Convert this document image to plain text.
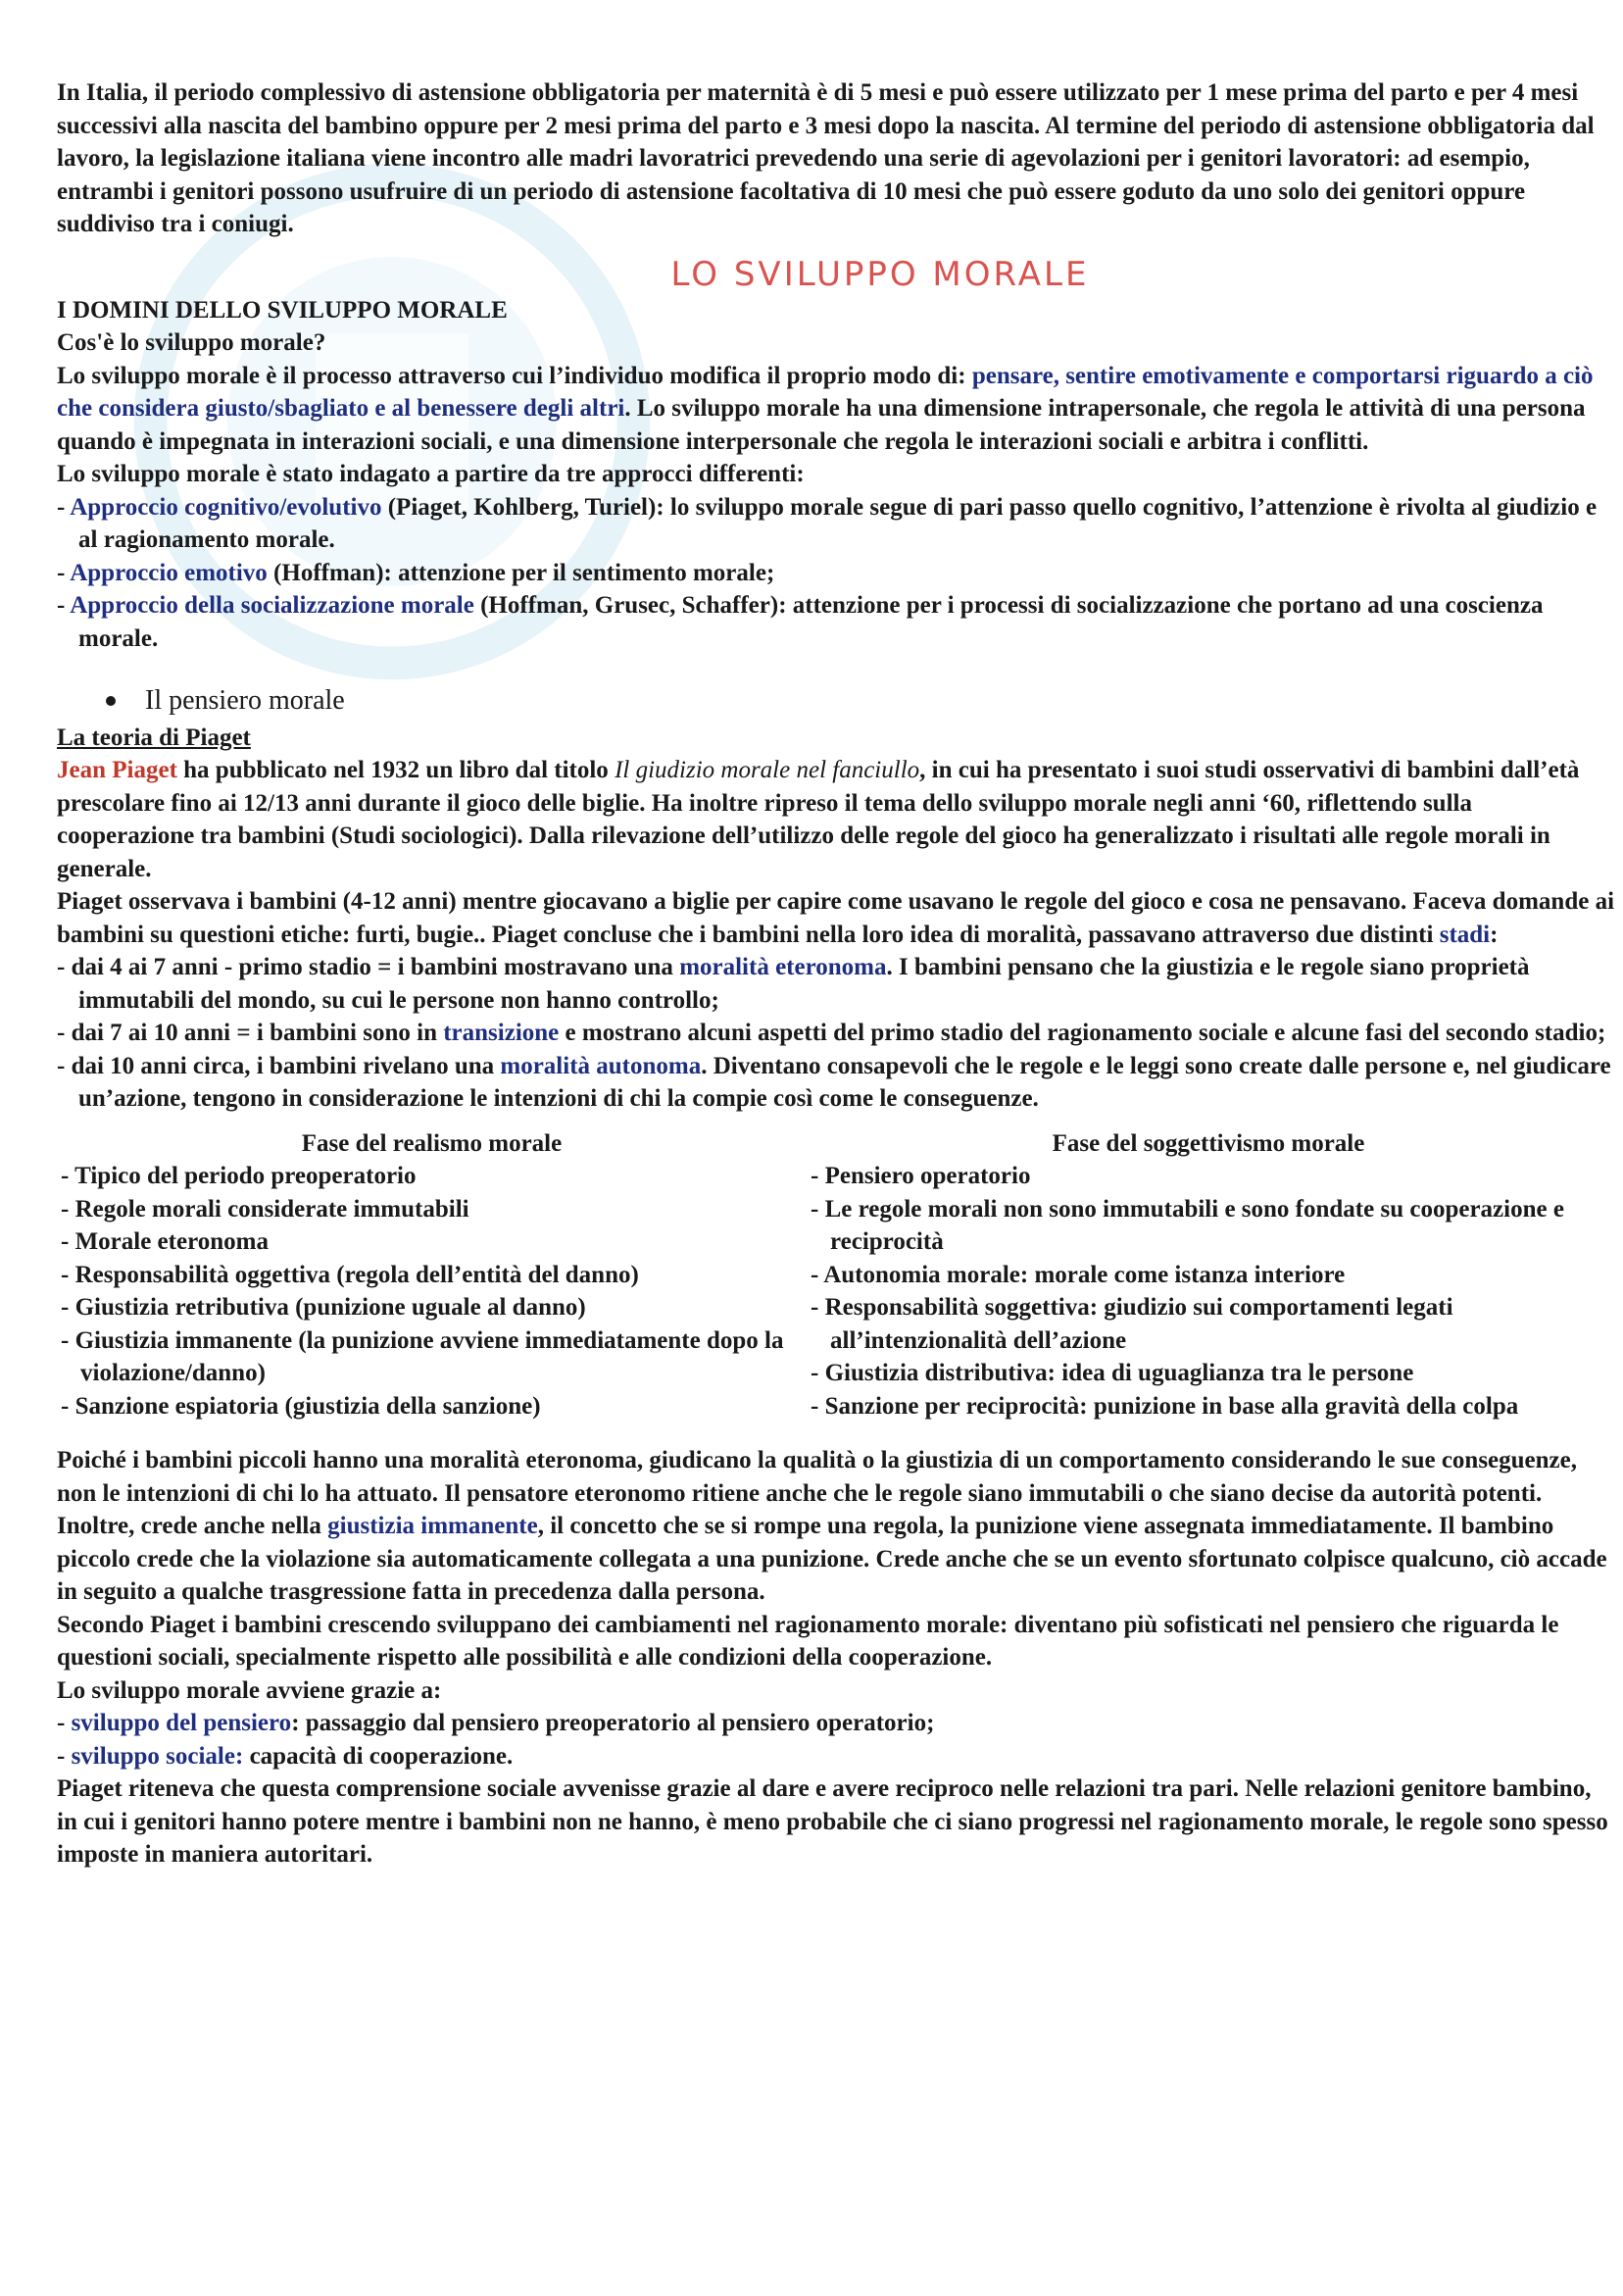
In Italia, il periodo complessivo di astensione obbligatoria per maternità è di 5 mesi e può essere utilizzato per 1 mese prima del parto e per 4 mesi successivi alla nascita del bambino oppure per 2 mesi prima del parto e 3 mesi dopo la nascita. Al termine del periodo di astensione obbligatoria dal lavoro, la legislazione italiana viene incontro alle madri lavoratrici prevedendo una serie di agevolazioni per i genitori lavoratori: ad esempio, entrambi i genitori possono usufruire di un periodo di astensione facoltativa di 10 mesi che può essere goduto da uno solo dei genitori oppure suddiviso tra i coniugi.

LO SVILUPPO MORALE

I DOMINI DELLO SVILUPPO MORALE

Cos'è lo sviluppo morale?

Lo sviluppo morale è il processo attraverso cui l’individuo modifica il proprio modo di: pensare, sentire emotivamente e comportarsi riguardo a ciò che considera giusto/sbagliato e al benessere degli altri. Lo sviluppo morale ha una dimensione intrapersonale, che regola le attività di una persona quando è impegnata in interazioni sociali, e una dimensione interpersonale che regola le interazioni sociali e arbitra i conflitti.

Lo sviluppo morale è stato indagato a partire da tre approcci differenti:

- Approccio cognitivo/evolutivo (Piaget, Kohlberg, Turiel): lo sviluppo morale segue di pari passo quello cognitivo, l’attenzione è rivolta al giudizio e al ragionamento morale.

- Approccio emotivo (Hoffman): attenzione per il sentimento morale;

- Approccio della socializzazione morale (Hoffman, Grusec, Schaffer): attenzione per i processi di socializzazione che portano ad una coscienza morale.

Il pensiero morale

La teoria di Piaget

Jean Piaget ha pubblicato nel 1932 un libro dal titolo Il giudizio morale nel fanciullo, in cui ha presentato i suoi studi osservativi di bambini dall’età prescolare fino ai 12/13 anni durante il gioco delle biglie. Ha inoltre ripreso il tema dello sviluppo morale negli anni ‘60, riflettendo sulla cooperazione tra bambini (Studi sociologici). Dalla rilevazione dell’utilizzo delle regole del gioco ha generalizzato i risultati alle regole morali in generale.

Piaget osservava i bambini (4-12 anni) mentre giocavano a biglie per capire come usavano le regole del gioco e cosa ne pensavano. Faceva domande ai bambini su questioni etiche: furti, bugie.. Piaget concluse che i bambini nella loro idea di moralità, passavano attraverso due distinti stadi:

- dai 4 ai 7 anni - primo stadio = i bambini mostravano una moralità eteronoma. I bambini pensano che la giustizia e le regole siano proprietà immutabili del mondo, su cui le persone non hanno controllo;

- dai 7 ai 10 anni = i bambini sono in transizione e mostrano alcuni aspetti del primo stadio del ragionamento sociale e alcune fasi del secondo stadio;

- dai 10 anni circa, i bambini rivelano una moralità autonoma. Diventano consapevoli che le regole e le leggi sono create dalle persone e, nel giudicare un’azione, tengono in considerazione le intenzioni di chi la compie così come le conseguenze.

Fase del realismo morale

- Tipico del periodo preoperatorio

- Regole morali considerate immutabili

- Morale eteronoma

- Responsabilità oggettiva (regola dell’entità del danno)

- Giustizia retributiva (punizione uguale al danno)

- Giustizia immanente (la punizione avviene immediatamente dopo la violazione/danno)

- Sanzione espiatoria (giustizia della sanzione)

Fase del soggettivismo morale

- Pensiero operatorio

- Le regole morali non sono immutabili e sono fondate su cooperazione e reciprocità

- Autonomia morale: morale come istanza interiore

- Responsabilità soggettiva: giudizio sui comportamenti legati all’intenzionalità dell’azione

- Giustizia distributiva: idea di uguaglianza tra le persone

- Sanzione per reciprocità: punizione in base alla gravità della colpa

Poiché i bambini piccoli hanno una moralità eteronoma, giudicano la qualità o la giustizia di un comportamento considerando le sue conseguenze, non le intenzioni di chi lo ha attuato. Il pensatore eteronomo ritiene anche che le regole siano immutabili o che siano decise da autorità potenti. Inoltre, crede anche nella giustizia immanente, il concetto che se si rompe una regola, la punizione viene assegnata immediatamente. Il bambino piccolo crede che la violazione sia automaticamente collegata a una punizione. Crede anche che se un evento sfortunato colpisce qualcuno, ciò accade in seguito a qualche trasgressione fatta in precedenza dalla persona.

Secondo Piaget i bambini crescendo sviluppano dei cambiamenti nel ragionamento morale: diventano più sofisticati nel pensiero che riguarda le questioni sociali, specialmente rispetto alle possibilità e alle condizioni della cooperazione.

Lo sviluppo morale avviene grazie a:

- sviluppo del pensiero: passaggio dal pensiero preoperatorio al pensiero operatorio;

- sviluppo sociale: capacità di cooperazione.

Piaget riteneva che questa comprensione sociale avvenisse grazie al dare e avere reciproco nelle relazioni tra pari. Nelle relazioni genitore bambino, in cui i genitori hanno potere mentre i bambini non ne hanno, è meno probabile che ci siano progressi nel ragionamento morale, le regole sono spesso imposte in maniera autoritari.
